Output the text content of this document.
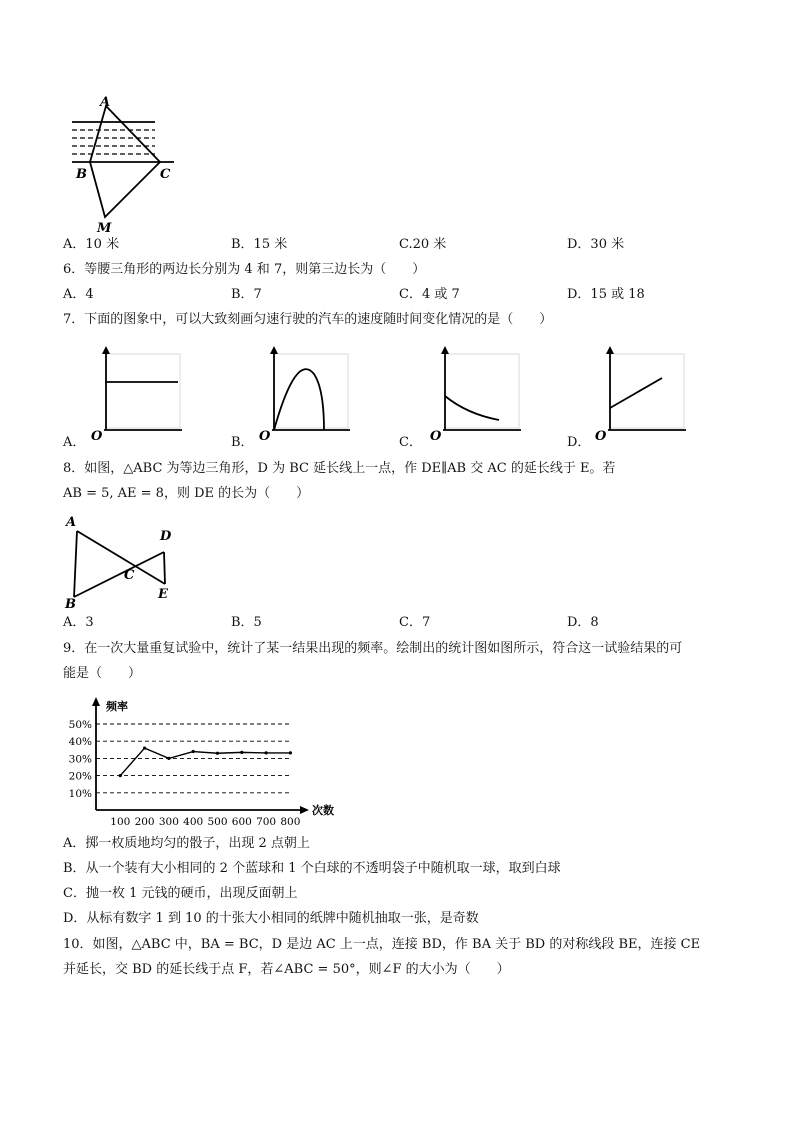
A
B	C
M
A．10 米	B．15 米	C.20 米	D．30 米
6．等腰三角形的两边长分别为 4 和 7，则第三边长为（　　）
A．4	B．7	C．4 或 7	D．15 或 18
7．下面的图象中，可以大致刻画匀速行驶的汽车的速度随时间变化情况的是（　　）
O
A．	O
B．	O
C．	O
D．
8．如图，△ABC 为等边三角形，D 为 BC 延长线上一点，作 DE∥AB 交 AC 的延长线于 E。若
AB = 5, AE = 8，则 DE 的长为（　　）
A
B
C
D
E
A．3	B．5	C．7	D．8
9．在一次大量重复试验中，统计了某一结果出现的频率。绘制出的统计图如图所示，符合这一试验结果的可
能是（　　）
频率
次数
10%
20%
30%
40%
50%
100 200 300 400 500 600 700 800
A．掷一枚质地均匀的骰子，出现 2 点朝上
B．从一个装有大小相同的 2 个蓝球和 1 个白球的不透明袋子中随机取一球，取到白球
C．抛一枚 1 元钱的硬币，出现反面朝上
D．从标有数字 1 到 10 的十张大小相同的纸牌中随机抽取一张，是奇数
10．如图，△ABC 中，BA = BC，D 是边 AC 上一点，连接 BD，作 BA 关于 BD 的对称线段 BE，连接 CE
并延长，交 BD 的延长线于点 F，若∠ABC = 50°，则∠F 的大小为（　　）
